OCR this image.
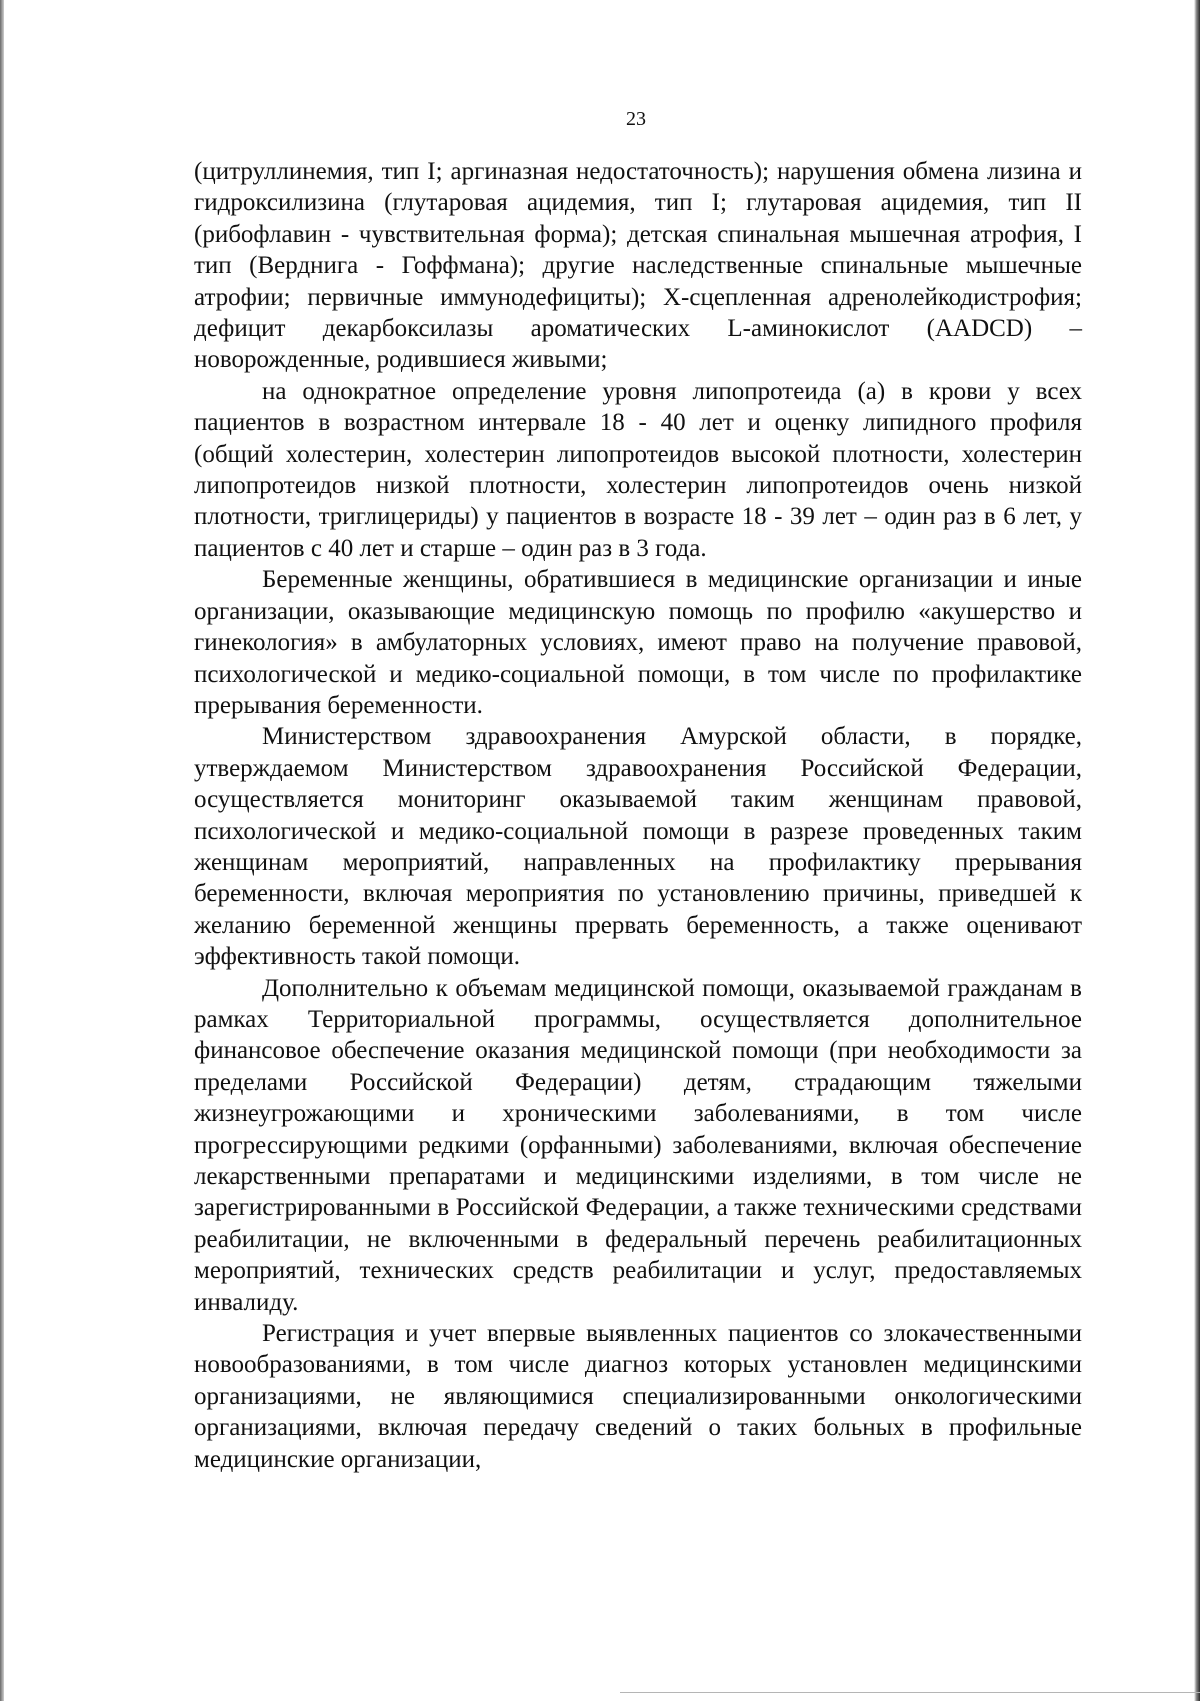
23

(цитруллинемия, тип I; аргиназная недостаточность); нарушения обмена лизина и гидроксилизина (глутаровая ацидемия, тип I; глутаровая ацидемия, тип II (рибофлавин - чувствительная форма); детская спинальная мышечная атрофия, I тип (Верднига - Гоффмана); другие наследственные спинальные мышечные атрофии; первичные иммунодефициты); Х-сцепленная адренолейкодистрофия; дефицит декарбоксилазы ароматических L-аминокислот (AADCD) – новорожденные, родившиеся живыми;

на однократное определение уровня липопротеида (а) в крови у всех пациентов в возрастном интервале 18 - 40 лет и оценку липидного профиля (общий холестерин, холестерин липопротеидов высокой плотности, холестерин липопротеидов низкой плотности, холестерин липопротеидов очень низкой плотности, триглицериды) у пациентов в возрасте 18 - 39 лет – один раз в 6 лет, у пациентов с 40 лет и старше – один раз в 3 года.

Беременные женщины, обратившиеся в медицинские организации и иные организации, оказывающие медицинскую помощь по профилю «акушерство и гинекология» в амбулаторных условиях, имеют право на получение правовой, психологической и медико-социальной помощи, в том числе по профилактике прерывания беременности.

Министерством здравоохранения Амурской области, в порядке, утверждаемом Министерством здравоохранения Российской Федерации, осуществляется мониторинг оказываемой таким женщинам правовой, психологической и медико-социальной помощи в разрезе проведенных таким женщинам мероприятий, направленных на профилактику прерывания беременности, включая мероприятия по установлению причины, приведшей к желанию беременной женщины прервать беременность, а также оценивают эффективность такой помощи.

Дополнительно к объемам медицинской помощи, оказываемой гражданам в рамках Территориальной программы, осуществляется дополнительное финансовое обеспечение оказания медицинской помощи (при необходимости за пределами Российской Федерации) детям, страдающим тяжелыми жизнеугрожающими и хроническими заболеваниями, в том числе прогрессирующими редкими (орфанными) заболеваниями, включая обеспечение лекарственными препаратами и медицинскими изделиями, в том числе не зарегистрированными в Российской Федерации, а также техническими средствами реабилитации, не включенными в федеральный перечень реабилитационных мероприятий, технических средств реабилитации и услуг, предоставляемых инвалиду.

Регистрация и учет впервые выявленных пациентов со злокачественными новообразованиями, в том числе диагноз которых установлен медицинскими организациями, не являющимися специализированными онкологическими организациями, включая передачу сведений о таких больных в профильные медицинские организации,
